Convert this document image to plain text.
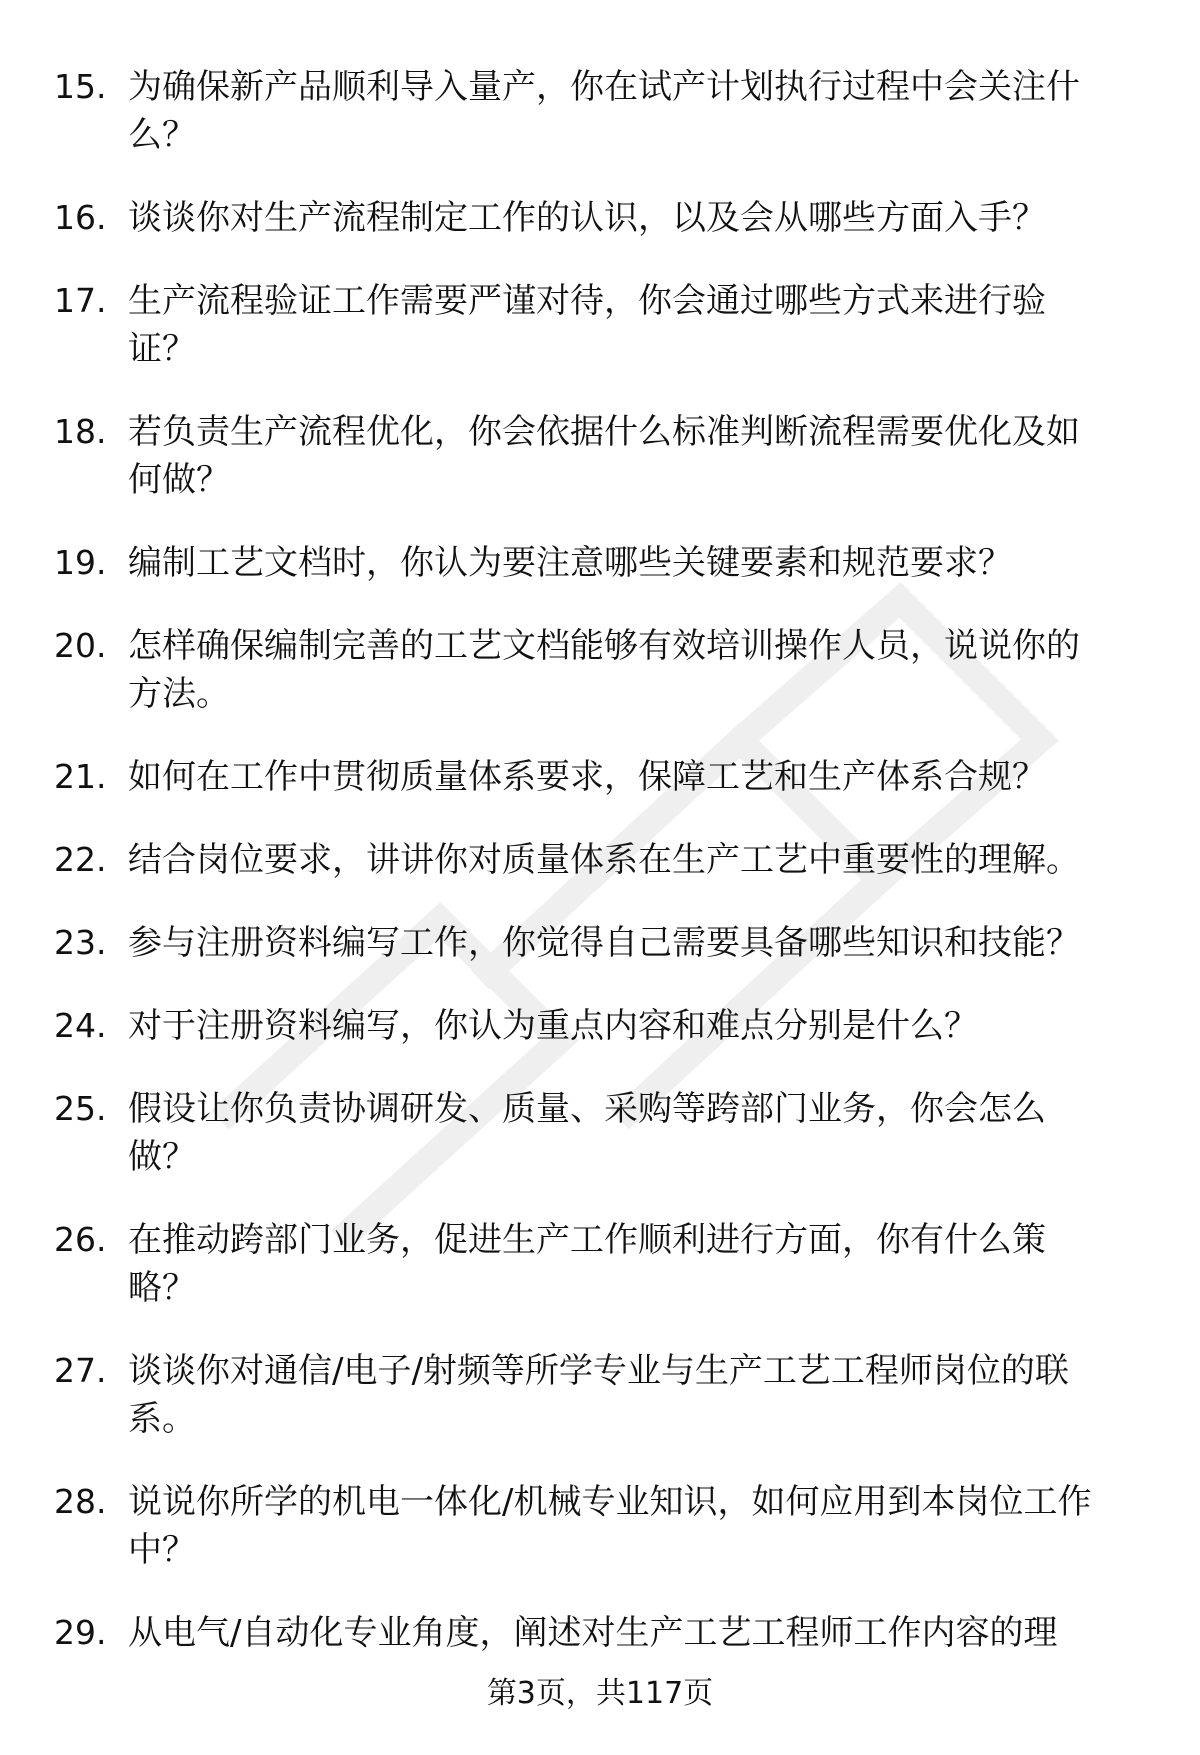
15. 为确保新产品顺利导入量产，你在试产计划执行过程中会关注什
么？
16. 谈谈你对生产流程制定工作的认识，以及会从哪些方面入手？
17. 生产流程验证工作需要严谨对待，你会通过哪些方式来进行验
证？
18. 若负责生产流程优化，你会依据什么标准判断流程需要优化及如
何做？
19. 编制工艺文档时，你认为要注意哪些关键要素和规范要求？
20. 怎样确保编制完善的工艺文档能够有效培训操作人员，说说你的
方法。
21. 如何在工作中贯彻质量体系要求，保障工艺和生产体系合规？
22. 结合岗位要求，讲讲你对质量体系在生产工艺中重要性的理解。
23. 参与注册资料编写工作，你觉得自己需要具备哪些知识和技能？
24. 对于注册资料编写，你认为重点内容和难点分别是什么？
25. 假设让你负责协调研发、质量、采购等跨部门业务，你会怎么
做？
26. 在推动跨部门业务，促进生产工作顺利进行方面，你有什么策
略？
27. 谈谈你对通信/电子/射频等所学专业与生产工艺工程师岗位的联
系。
28. 说说你所学的机电一体化/机械专业知识，如何应用到本岗位工作
中？
29. 从电气/自动化专业角度，阐述对生产工艺工程师工作内容的理
第3页，共117页
